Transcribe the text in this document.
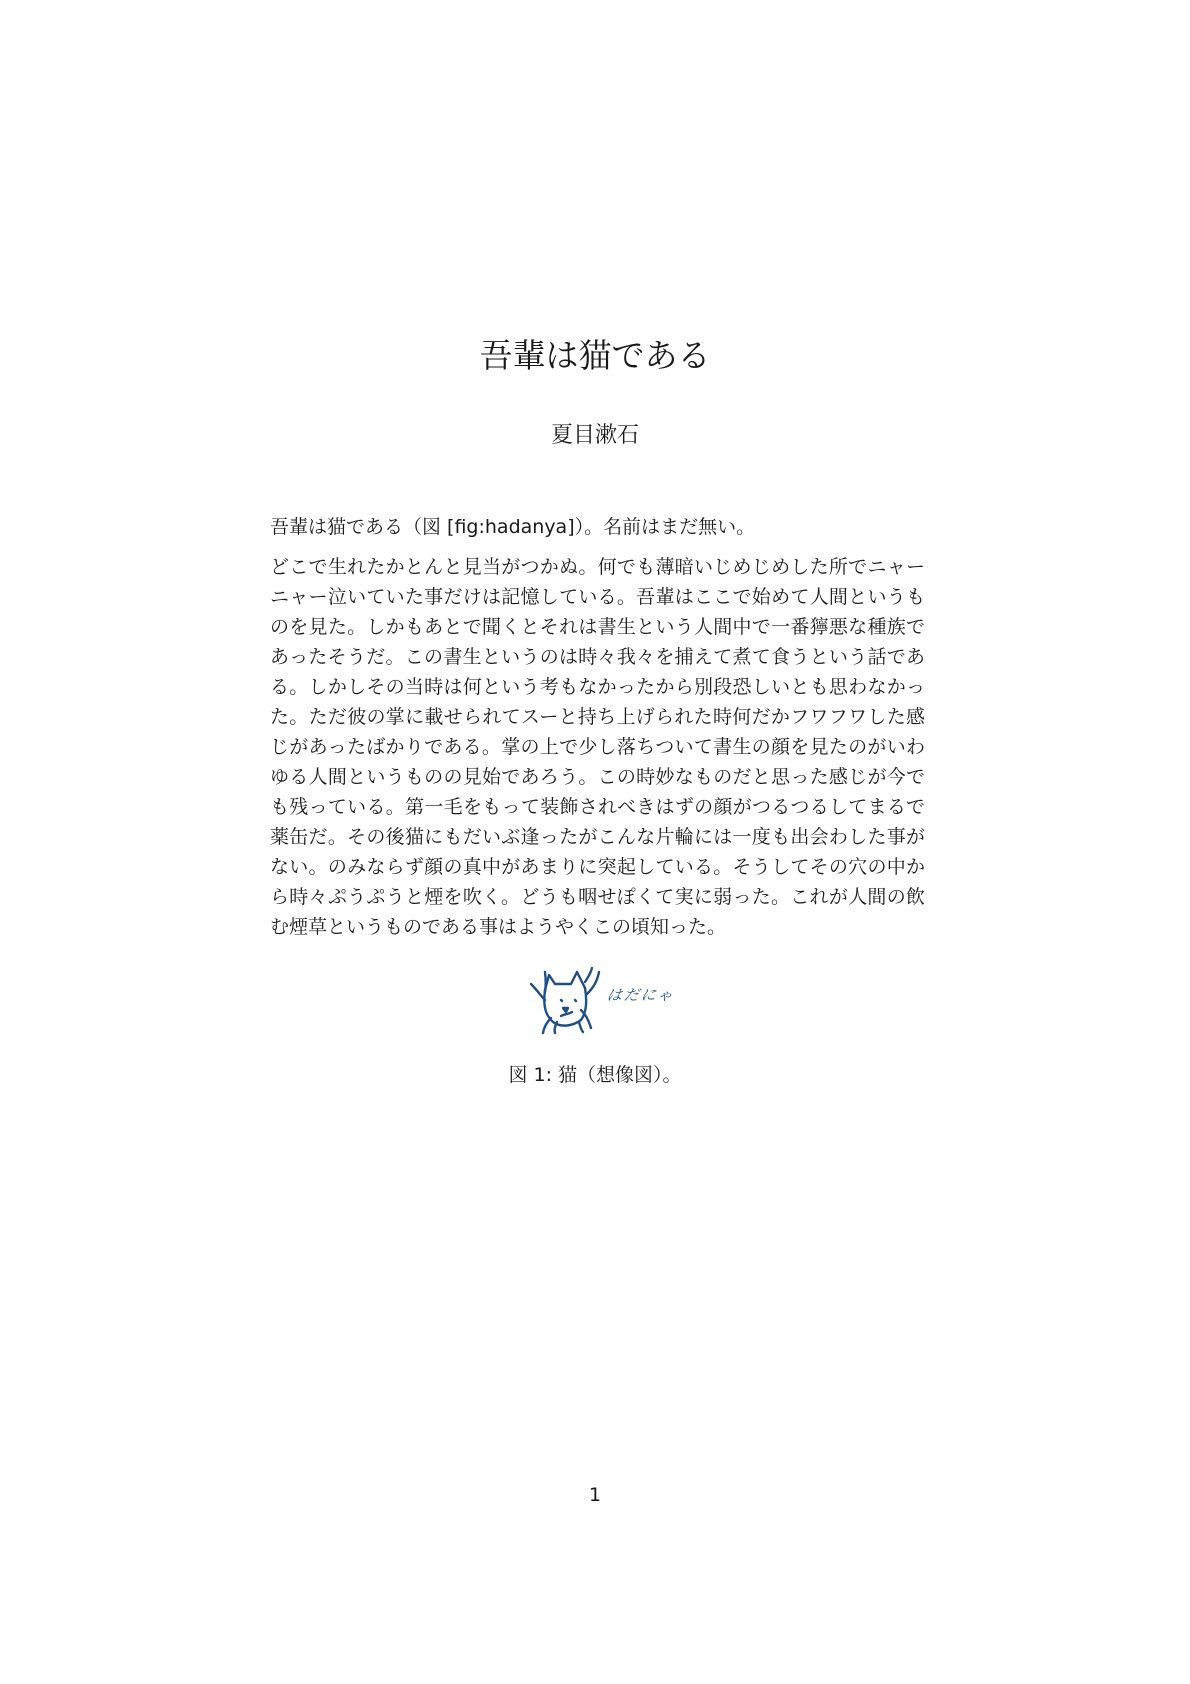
吾輩は猫である
夏目漱石
吾輩は猫である（図 [fig:hadanya]）。名前はまだ無い。
どこで生れたかとんと見当がつかぬ。何でも薄暗いじめじめした所でニャー
ニャー泣いていた事だけは記憶している。吾輩はここで始めて人間というも
のを見た。しかもあとで聞くとそれは書生という人間中で一番獰悪な種族で
あったそうだ。この書生というのは時々我々を捕えて煮て食うという話であ
る。しかしその当時は何という考もなかったから別段恐しいとも思わなかっ
た。ただ彼の掌に載せられてスーと持ち上げられた時何だかフワフワした感
じがあったばかりである。掌の上で少し落ちついて書生の顔を見たのがいわ
ゆる人間というものの見始であろう。この時妙なものだと思った感じが今で
も残っている。第一毛をもって装飾されべきはずの顔がつるつるしてまるで
薬缶だ。その後猫にもだいぶ逢ったがこんな片輪には一度も出会わした事が
ない。のみならず顔の真中があまりに突起している。そうしてその穴の中か
ら時々ぷうぷうと煙を吹く。どうも咽せぽくて実に弱った。これが人間の飲
む煙草というものである事はようやくこの頃知った。
はだにゃ
図 1: 猫（想像図）。
1
